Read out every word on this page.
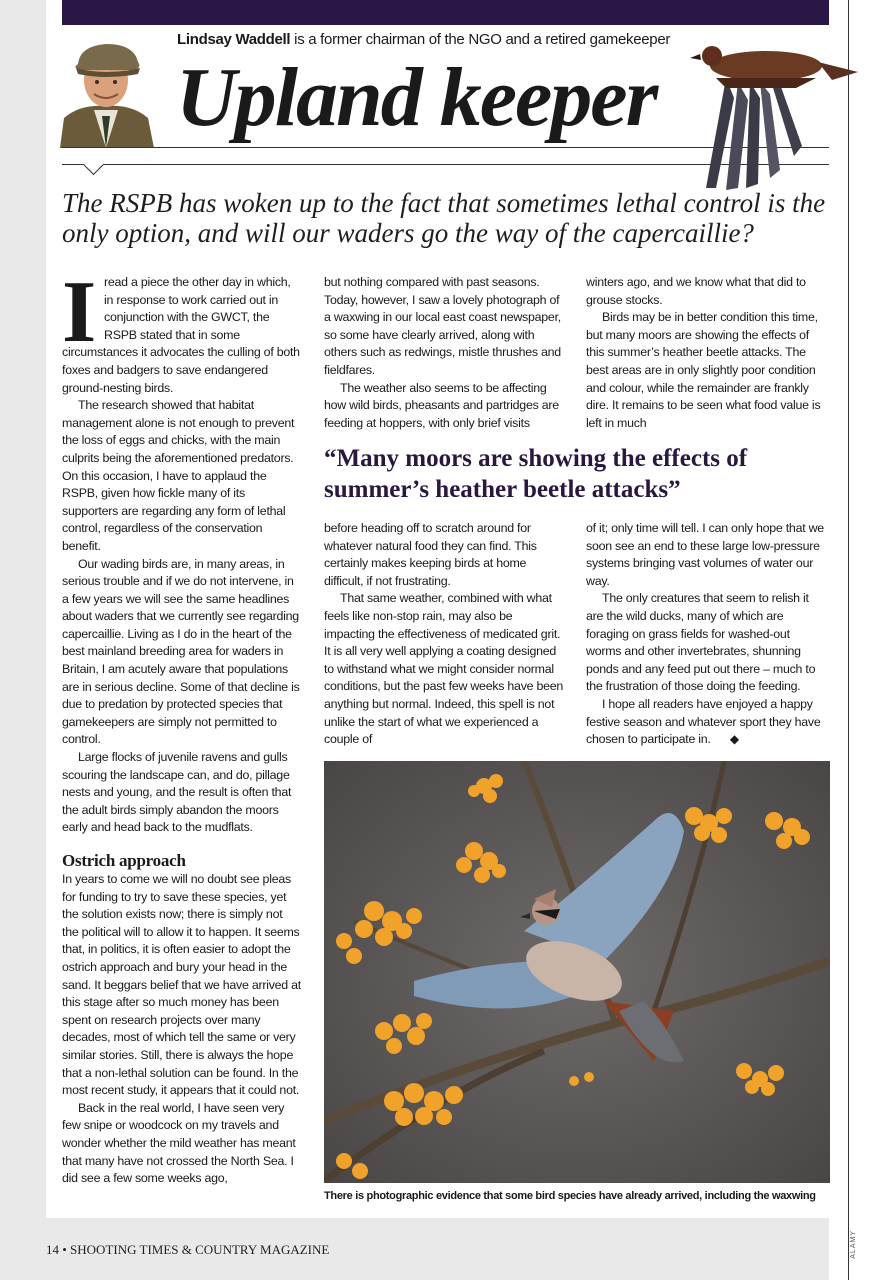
ALAMY
Lindsay Waddell is a former chairman of the NGO and a retired gamekeeper
Upland keeper
The RSPB has woken up to the fact that sometimes lethal control is the only option, and will our waders go the way of the capercaillie?
I read a piece the other day in which, in response to work carried out in conjunction with the GWCT, the RSPB stated that in some circumstances it advocates the culling of both foxes and badgers to save endangered ground-nesting birds.

The research showed that habitat management alone is not enough to prevent the loss of eggs and chicks, with the main culprits being the aforementioned predators. On this occasion, I have to applaud the RSPB, given how fickle many of its supporters are regarding any form of lethal control, regardless of the conservation benefit.

Our wading birds are, in many areas, in serious trouble and if we do not intervene, in a few years we will see the same headlines about waders that we currently see regarding capercaillie. Living as I do in the heart of the best mainland breeding area for waders in Britain, I am acutely aware that populations are in serious decline. Some of that decline is due to predation by protected species that gamekeepers are simply not permitted to control.

Large flocks of juvenile ravens and gulls scouring the landscape can, and do, pillage nests and young, and the result is often that the adult birds simply abandon the moors early and head back to the mudflats.

Ostrich approach

In years to come we will no doubt see pleas for funding to try to save these species, yet the solution exists now; there is simply not the political will to allow it to happen. It seems that, in politics, it is often easier to adopt the ostrich approach and bury your head in the sand. It beggars belief that we have arrived at this stage after so much money has been spent on research projects over many decades, most of which tell the same or very similar stories. Still, there is always the hope that a non-lethal solution can be found. In the most recent study, it appears that it could not.

Back in the real world, I have seen very few snipe or woodcock on my travels and wonder whether the mild weather has meant that many have not crossed the North Sea. I did see a few some weeks ago,

but nothing compared with past seasons. Today, however, I saw a lovely photograph of a waxwing in our local east coast newspaper, so some have clearly arrived, along with others such as redwings, mistle thrushes and fieldfares.

The weather also seems to be affecting how wild birds, pheasants and partridges are feeding at hoppers, with only brief visits

winters ago, and we know what that did to grouse stocks.

Birds may be in better condition this time, but many moors are showing the effects of this summer’s heather beetle attacks. The best areas are in only slightly poor condition and colour, while the remainder are frankly dire. It remains to be seen what food value is left in much

“Many moors are showing the effects of summer’s heather beetle attacks”

before heading off to scratch around for whatever natural food they can find. This certainly makes keeping birds at home difficult, if not frustrating.

That same weather, combined with what feels like non-stop rain, may also be impacting the effectiveness of medicated grit. It is all very well applying a coating designed to withstand what we might consider normal conditions, but the past few weeks have been anything but normal. Indeed, this spell is not unlike the start of what we experienced a couple of

of it; only time will tell. I can only hope that we soon see an end to these large low-pressure systems bringing vast volumes of water our way.

The only creatures that seem to relish it are the wild ducks, many of which are foraging on grass fields for washed-out worms and other invertebrates, shunning ponds and any feed put out there – much to the frustration of those doing the feeding.

I hope all readers have enjoyed a happy festive season and whatever sport they have chosen to participate in. ◆

There is photographic evidence that some bird species have already arrived, including the waxwing
14 • SHOOTING TIMES & COUNTRY MAGAZINE
